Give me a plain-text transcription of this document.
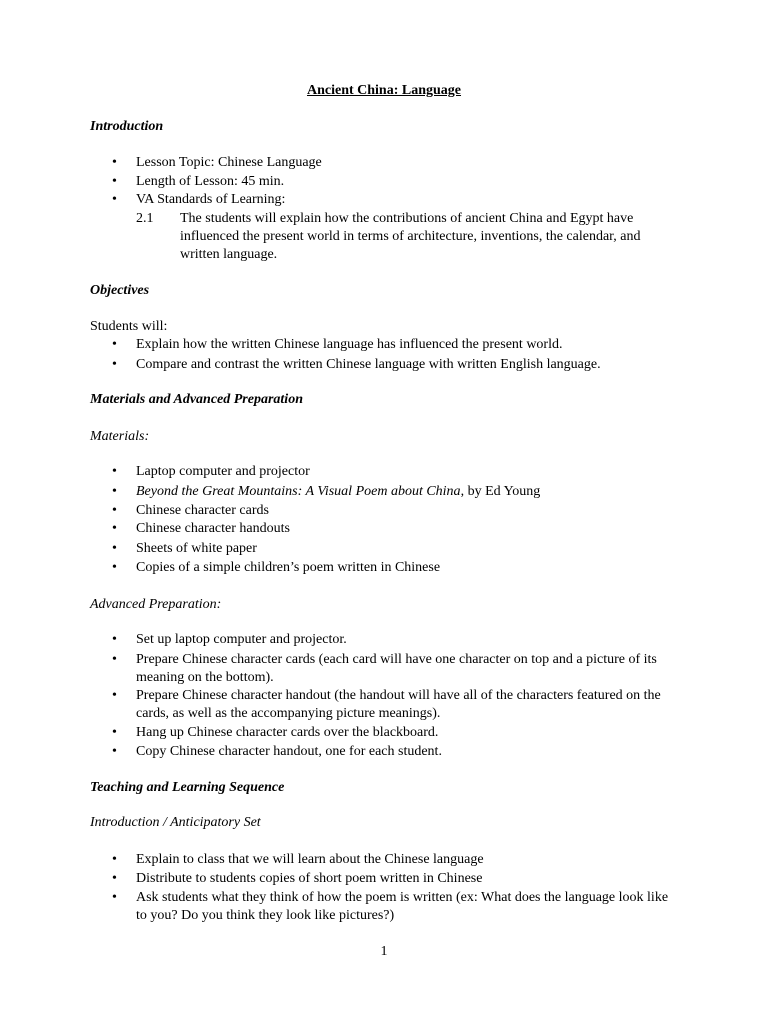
Ancient China: Language
Introduction
•	Lesson Topic: Chinese Language
•	Length of Lesson: 45 min.
•	VA Standards of Learning:
2.1 The students will explain how the contributions of ancient China and Egypt have influenced the present world in terms of architecture, inventions, the calendar, and written language.
Objectives
Students will:
•	Explain how the written Chinese language has influenced the present world.
•	Compare and contrast the written Chinese language with written English language.
Materials and Advanced Preparation
Materials:
•	Laptop computer and projector
•	Beyond the Great Mountains: A Visual Poem about China, by Ed Young
•	Chinese character cards
•	Chinese character handouts
•	Sheets of white paper
•	Copies of a simple children’s poem written in Chinese
Advanced Preparation:
•	Set up laptop computer and projector.
•	Prepare Chinese character cards (each card will have one character on top and a picture of its meaning on the bottom).
•	Prepare Chinese character handout (the handout will have all of the characters featured on the cards, as well as the accompanying picture meanings).
•	Hang up Chinese character cards over the blackboard.
•	Copy Chinese character handout, one for each student.
Teaching and Learning Sequence
Introduction / Anticipatory Set
•	Explain to class that we will learn about the Chinese language
•	Distribute to students copies of short poem written in Chinese
•	Ask students what they think of how the poem is written (ex: What does the language look like to you? Do you think they look like pictures?)
1
